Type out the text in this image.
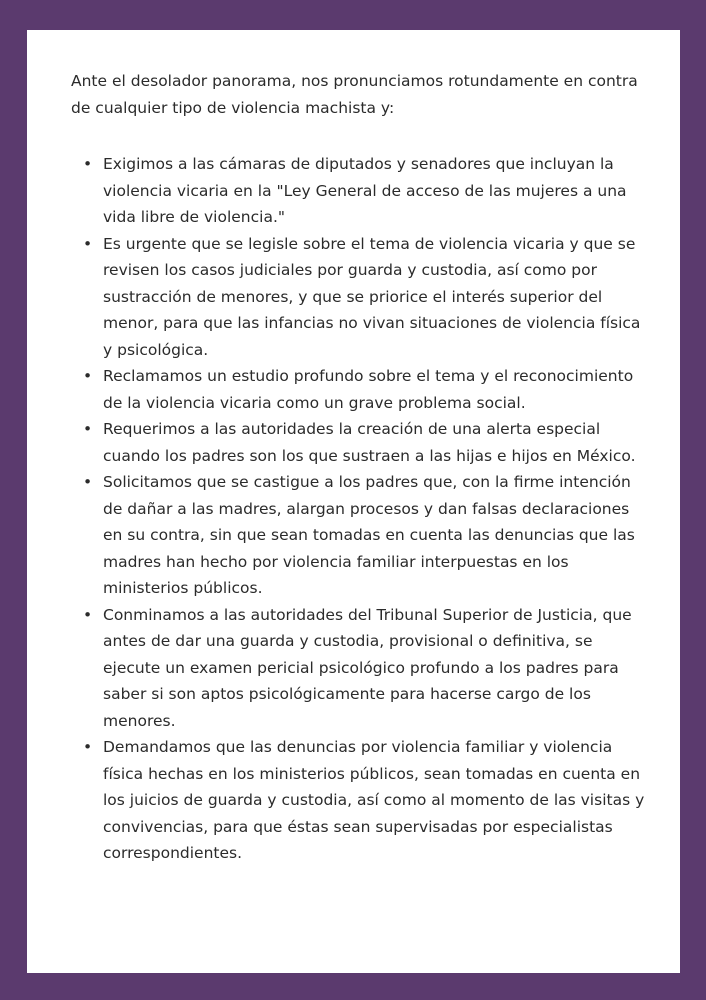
Ante el desolador panorama, nos pronunciamos rotundamente en contra de cualquier tipo de violencia machista y:

• Exigimos a las cámaras de diputados y senadores que incluyan la violencia vicaria en la "Ley General de acceso de las mujeres a una vida libre de violencia."
• Es urgente que se legisle sobre el tema de violencia vicaria y que se revisen los casos judiciales por guarda y custodia, así como por sustracción de menores, y que se priorice el interés superior del menor, para que las infancias no vivan situaciones de violencia física y psicológica.
• Reclamamos un estudio profundo sobre el tema y el reconocimiento de la violencia vicaria como un grave problema social.
• Requerimos a las autoridades la creación de una alerta especial cuando los padres son los que sustraen a las hijas e hijos en México.
• Solicitamos que se castigue a los padres que, con la firme intención de dañar a las madres, alargan procesos y dan falsas declaraciones en su contra, sin que sean tomadas en cuenta las denuncias que las madres han hecho por violencia familiar interpuestas en los ministerios públicos.
• Conminamos a las autoridades del Tribunal Superior de Justicia, que antes de dar una guarda y custodia, provisional o definitiva, se ejecute un examen pericial psicológico profundo a los padres para saber si son aptos psicológicamente para hacerse cargo de los menores.
• Demandamos que las denuncias por violencia familiar y violencia física hechas en los ministerios públicos, sean tomadas en cuenta en los juicios de guarda y custodia, así como al momento de las visitas y convivencias, para que éstas sean supervisadas por especialistas correspondientes.
